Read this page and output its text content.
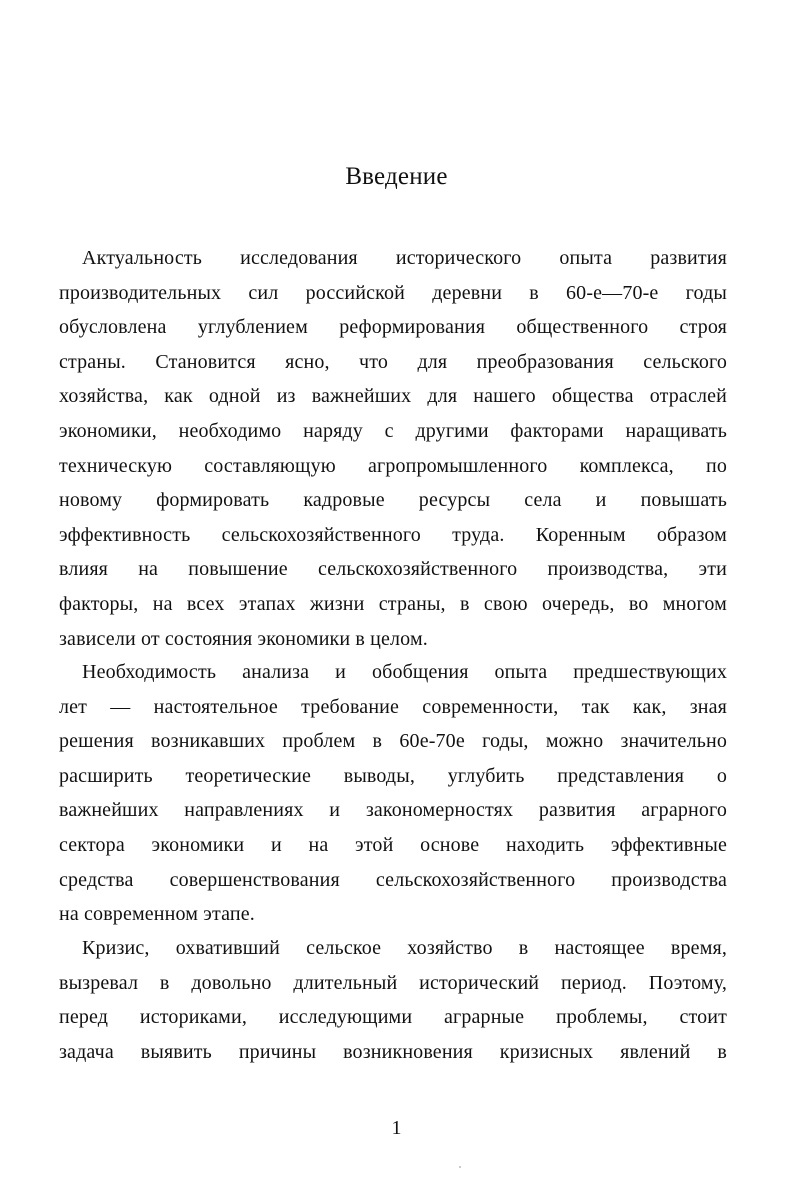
Введение

Актуальность исследования исторического опыта развития
производительных сил российской деревни в 60-е—70-е годы
обусловлена углублением реформирования общественного строя
страны. Становится ясно, что для преобразования сельского
хозяйства, как одной из важнейших для нашего общества отраслей
экономики, необходимо наряду с другими факторами наращивать
техническую составляющую агропромышленного комплекса, по
новому формировать кадровые ресурсы села и повышать
эффективность сельскохозяйственного труда. Коренным образом
влияя на повышение сельскохозяйственного производства, эти
факторы, на всех этапах жизни страны, в свою очередь, во многом
зависели от состояния экономики в целом.

Необходимость анализа и обобщения опыта предшествующих
лет — настоятельное требование современности, так как, зная
решения возникавших проблем в 60е-70е годы, можно значительно
расширить теоретические выводы, углубить представления о
важнейших направлениях и закономерностях развития аграрного
сектора экономики и на этой основе находить эффективные
средства совершенствования сельскохозяйственного производства
на современном этапе.

Кризис, охвативший сельское хозяйство в настоящее время,
вызревал в довольно длительный исторический период. Поэтому,
перед историками, исследующими аграрные проблемы, стоит
задача выявить причины возникновения кризисных явлений в

1
